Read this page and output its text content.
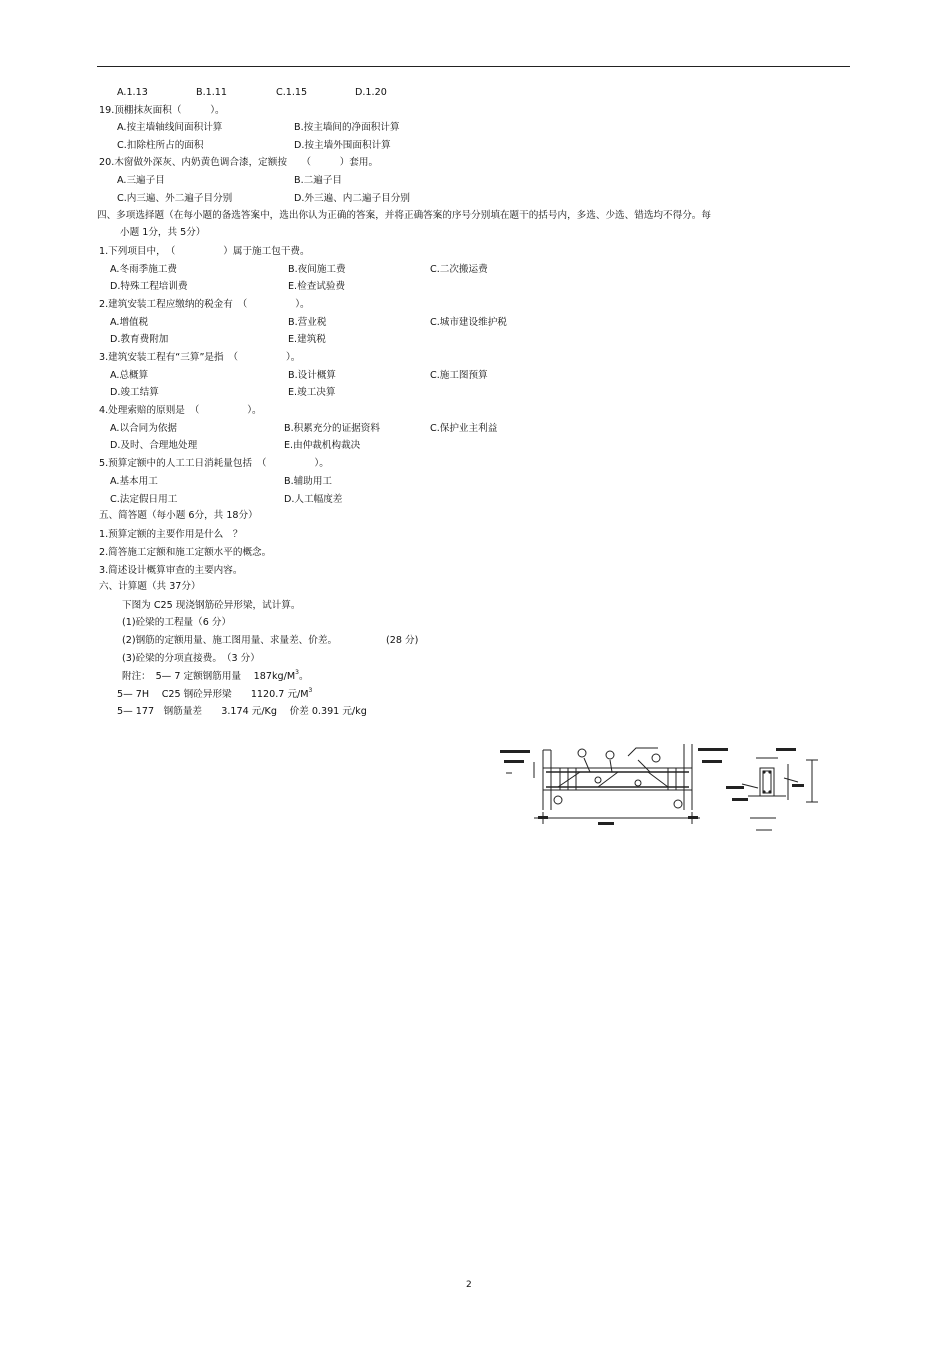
A.1.13	B.1.11	C.1.15	D.1.20
19.顶棚抹灰面积（　　　）。
A.按主墙轴线间面积计算	B.按主墙间的净面积计算
C.扣除柱所占的面积	D.按主墙外围面积计算
20.木窗做外深灰、内奶黄色调合漆，定额按　　（　　　）套用。
A.三遍子目	B.二遍子目
C.内三遍、外二遍子目分别	D.外三遍、内二遍子目分别
四、多项选择题（在每小题的备选答案中，选出你认为正确的答案，并将正确答案的序号分别填在题干的括号内，多选、少选、错选均不得分。每
小题 1分，共 5分）
1.下列项目中，　（　　　　　）属于施工包干费。
A.冬雨季施工费	B.夜间施工费	C.二次搬运费
D.特殊工程培训费	E.检查试验费
2.建筑安装工程应缴纳的税金有　（　　　　　）。
A.增值税	B.营业税	C.城市建设维护税
D.教育费附加	E.建筑税
3.建筑安装工程有“三算”是指　（　　　　　）。
A.总概算	B.设计概算	C.施工图预算
D.竣工结算	E.竣工决算
4.处理索赔的原则是　（　　　　　）。
A.以合同为依据	B.积累充分的证据资料	C.保护业主利益
D.及时、合理地处理	E.由仲裁机构裁决
5.预算定额中的人工工日消耗量包括　（　　　　　）。
A.基本用工	B.辅助用工
C.法定假日用工	D.人工幅度差
五、简答题（每小题 6分，共 18分）
1.预算定额的主要作用是什么　？
2.简答施工定额和施工定额水平的概念。
3.简述设计概算审查的主要内容。
六、计算题（共 37分）
下图为 C25 现浇钢筋砼异形梁，试计算。
(1)砼梁的工程量（6 分）
(2)钢筋的定额用量、施工图用量、求量差、价差。	(28 分)
(3)砼梁的分项直接费。　（3 分）
附注：　5— 7 定额钢筋用量　 $187kg/M^3$。
5— 7H　 C25 钢砼异形梁　　1120.7 元$/M^3$
5— 177　钢筋量差　　3.174 元/Kg　 价差 0.391 元/kg
2
